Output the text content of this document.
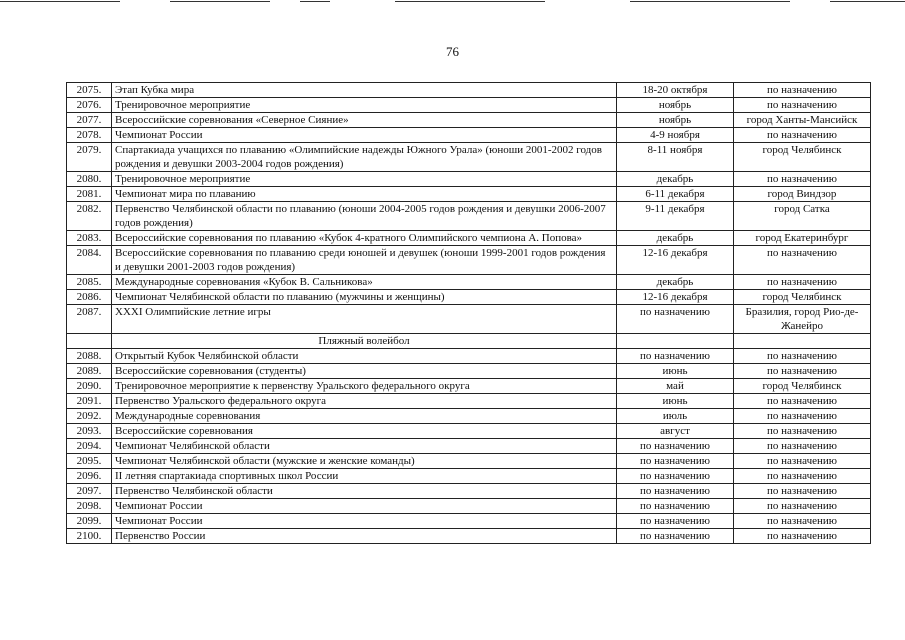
76
2075.	Этап Кубка мира	18-20 октября	по назначению
2076.	Тренировочное мероприятие	ноябрь	по назначению
2077.	Всероссийские соревнования «Северное Сияние»	ноябрь	город Ханты-Мансийск
2078.	Чемпионат России	4-9 ноября	по назначению
2079.	Спартакиада учащихся по плаванию «Олимпийские надежды Южного Урала» (юноши 2001-2002 годов рождения и девушки 2003-2004 годов рождения)	8-11 ноября	город Челябинск
2080.	Тренировочное мероприятие	декабрь	по назначению
2081.	Чемпионат мира по плаванию	6-11 декабря	город Виндзор
2082.	Первенство Челябинской области по плаванию (юноши 2004-2005 годов рождения и девушки 2006-2007 годов рождения)	9-11 декабря	город Сатка
2083.	Всероссийские соревнования по плаванию «Кубок 4-кратного Олимпийского чемпиона А. Попова»	декабрь	город Екатеринбург
2084.	Всероссийские соревнования по плаванию среди юношей и девушек (юноши 1999-2001 годов рождения и девушки 2001-2003 годов рождения)	12-16 декабря	по назначению
2085.	Международные соревнования «Кубок В. Сальникова»	декабрь	по назначению
2086.	Чемпионат Челябинской области по плаванию (мужчины и женщины)	12-16 декабря	город Челябинск
2087.	XXXI Олимпийские летние игры	по назначению	Бразилия, город Рио-де-Жанейро
	Пляжный волейбол		
2088.	Открытый Кубок Челябинской области	по назначению	по назначению
2089.	Всероссийские соревнования (студенты)	июнь	по назначению
2090.	Тренировочное мероприятие к первенству Уральского федерального округа	май	город Челябинск
2091.	Первенство Уральского федерального округа	июнь	по назначению
2092.	Международные соревнования	июль	по назначению
2093.	Всероссийские соревнования	август	по назначению
2094.	Чемпионат Челябинской области	по назначению	по назначению
2095.	Чемпионат Челябинской области (мужские и женские команды)	по назначению	по назначению
2096.	II летняя спартакиада спортивных школ России	по назначению	по назначению
2097.	Первенство Челябинской области	по назначению	по назначению
2098.	Чемпионат России	по назначению	по назначению
2099.	Чемпионат России	по назначению	по назначению
2100.	Первенство России	по назначению	по назначению
